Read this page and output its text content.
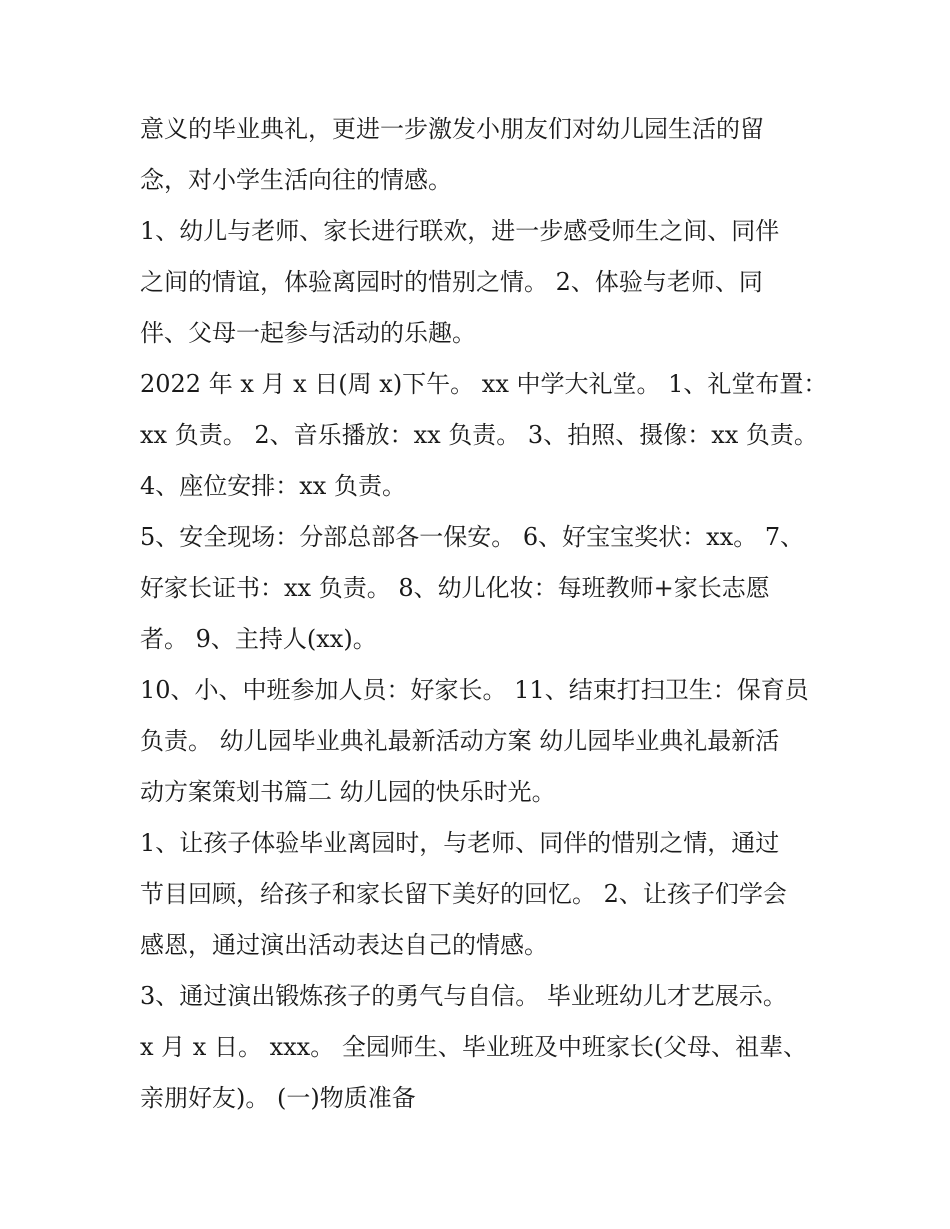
意义的毕业典礼，更进一步激发小朋友们对幼儿园生活的留
念，对小学生活向往的情感。
1、幼儿与老师、家长进行联欢，进一步感受师生之间、同伴
之间的情谊，体验离园时的惜别之情。 2、体验与老师、同
伴、父母一起参与活动的乐趣。
2022 年 x 月 x 日(周 x)下午。 xx 中学大礼堂。 1、礼堂布置：
xx 负责。 2、音乐播放：xx 负责。 3、拍照、摄像：xx 负责。
4、座位安排：xx 负责。
5、安全现场：分部总部各一保安。 6、好宝宝奖状：xx。 7、
好家长证书：xx 负责。 8、幼儿化妆：每班教师+家长志愿
者。 9、主持人(xx)。
10、小、中班参加人员：好家长。 11、结束打扫卫生：保育员
负责。 幼儿园毕业典礼最新活动方案 幼儿园毕业典礼最新活
动方案策划书篇二 幼儿园的快乐时光。
1、让孩子体验毕业离园时，与老师、同伴的惜别之情，通过
节目回顾，给孩子和家长留下美好的回忆。 2、让孩子们学会
感恩，通过演出活动表达自己的情感。
3、通过演出锻炼孩子的勇气与自信。 毕业班幼儿才艺展示。
x 月 x 日。 xxx。 全园师生、毕业班及中班家长(父母、祖辈、
亲朋好友)。 (一)物质准备
